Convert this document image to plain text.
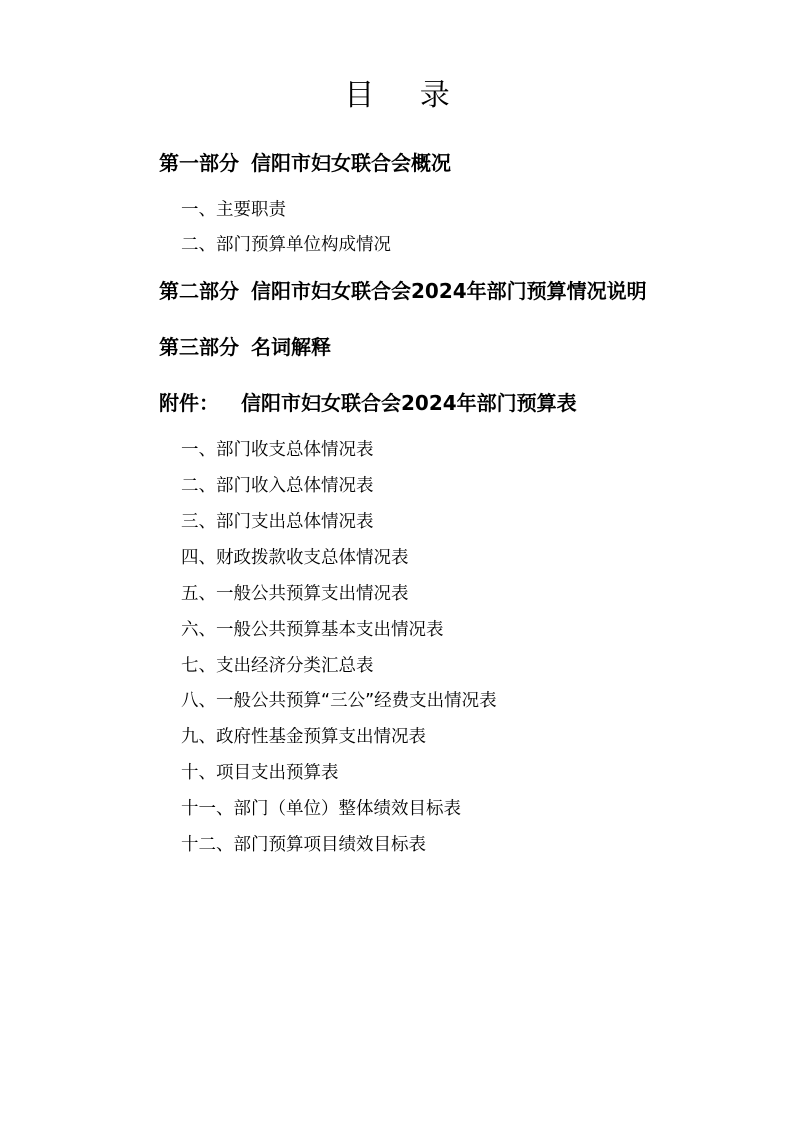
目 录
第一部分 信阳市妇女联合会概况
一、主要职责
二、部门预算单位构成情况
第二部分 信阳市妇女联合会2024年部门预算情况说明
第三部分 名词解释
附件： 信阳市妇女联合会2024年部门预算表
一、部门收支总体情况表
二、部门收入总体情况表
三、部门支出总体情况表
四、财政拨款收支总体情况表
五、一般公共预算支出情况表
六、一般公共预算基本支出情况表
七、支出经济分类汇总表
八、一般公共预算“三公”经费支出情况表
九、政府性基金预算支出情况表
十、项目支出预算表
十一、部门（单位）整体绩效目标表
十二、部门预算项目绩效目标表
